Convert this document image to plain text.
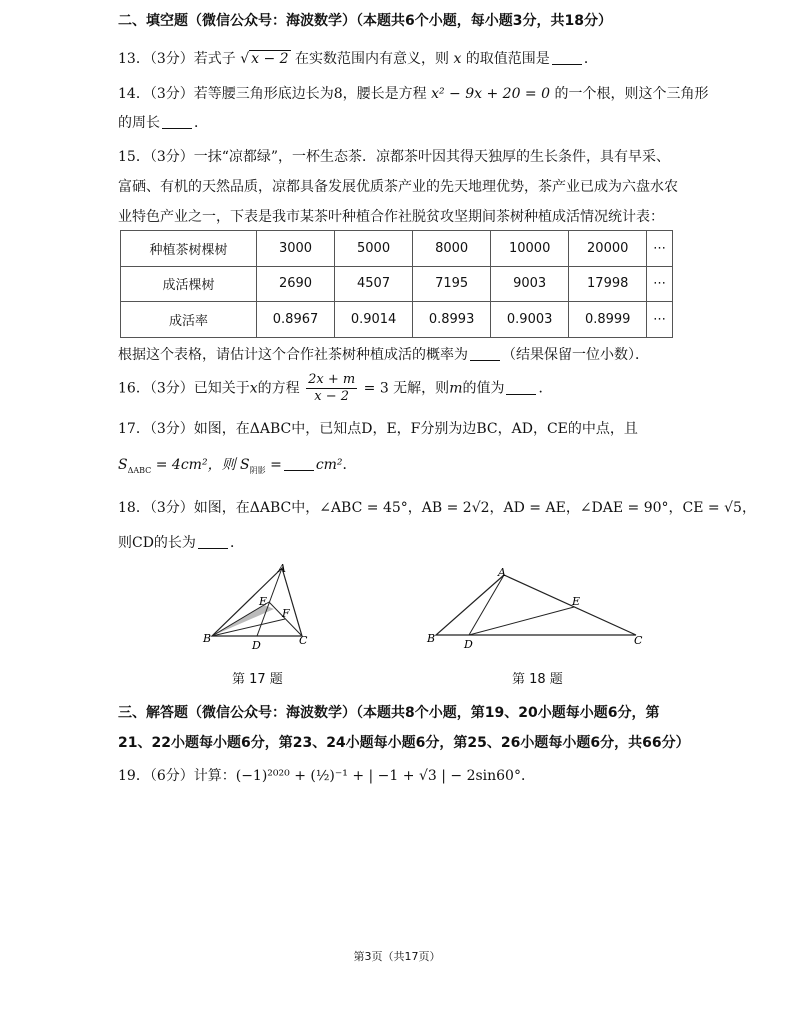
二、填空题（微信公众号：海波数学）（本题共6个小题，每小题3分，共18分）
13．（3分）若式子 √ x − 2 在实数范围内有意义，则 x 的取值范围是 ．
14．（3分）若等腰三角形底边长为8，腰长是方程 x² − 9x + 20 = 0 的一个根，则这个三角形
的周长 ．
15．（3分）一抹“凉都绿”，一杯生态茶．凉都茶叶因其得天独厚的生长条件，具有早采、
富硒、有机的天然品质，凉都具备发展优质茶产业的先天地理优势，茶产业已成为六盘水农
业特色产业之一，下表是我市某茶叶种植合作社脱贫攻坚期间茶树种植成活情况统计表：
种植茶树棵树	3000	5000	8000	10000	20000	⋯
成活棵树	2690	4507	7195	9003	17998	⋯
成活率	0.8967	0.9014	0.8993	0.9003	0.8999	⋯
根据这个表格，请估计这个合作社茶树种植成活的概率为 （结果保留一位小数）．
16．（3分）已知关于x的方程 $\frac{2x + m}{x - 2} = 3$ 无解，则m的值为 ．
17．（3分）如图，在ΔABC中，已知点D，E，F分别为边BC，AD，CE的中点，且
$S_{\Delta ABC} = 4cm^2$，则 $S_{阴影} = cm^2$．
18．（3分）如图，在ΔABC中，∠ABC = 45°，AB = 2√2，AD = AE，∠DAE = 90°，CE = √5，
则CD的长为 ．
A
B	C
D
E
F
第 17 题
A
B	C
D
E
第 18 题
三、解答题（微信公众号：海波数学）（本题共8个小题，第19、20小题每小题6分，第
21、22小题每小题6分，第23、24小题每小题6分，第25、26小题每小题6分，共66分）
19．（6分）计算：(−1)²⁰²⁰ + (½)⁻¹ + | −1 + √3 | − 2sin60°．
第3页（共17页）
